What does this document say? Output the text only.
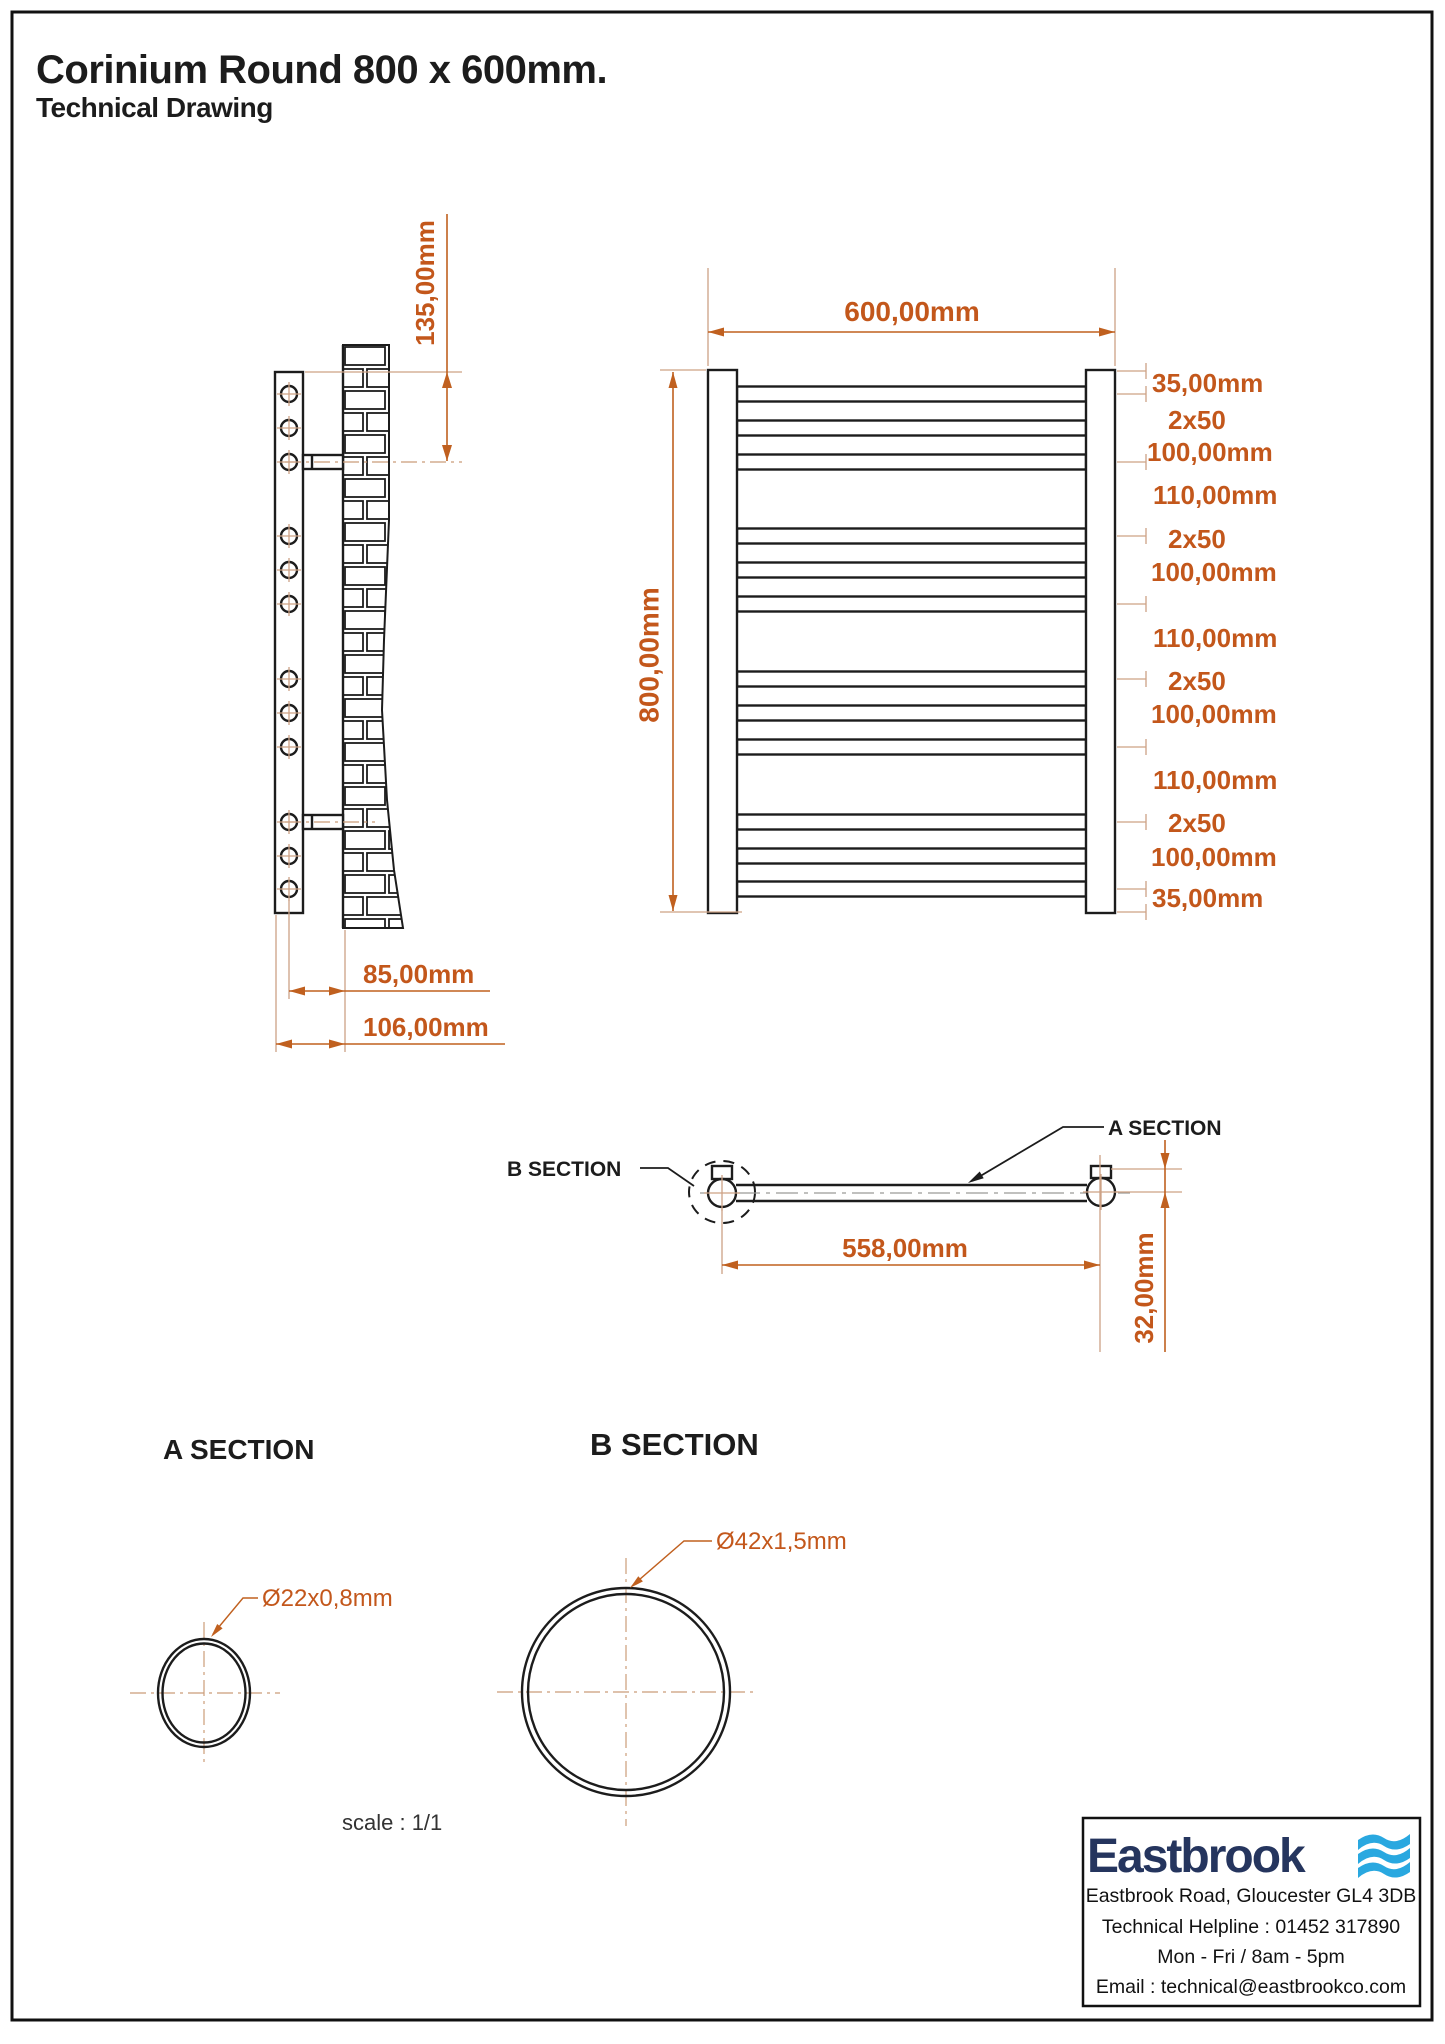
Corinium Round 800 x 600mm.
Technical Drawing
135,00mm
85,00mm
106,00mm
600,00mm
800,00mm
35,00mm
2x50
100,00mm
110,00mm
2x50
100,00mm
110,00mm
2x50
100,00mm
110,00mm
2x50
100,00mm
35,00mm
B SECTION
A SECTION
558,00mm	32,00mm
A SECTION
Ø22x0,8mm
B SECTION
Ø42x1,5mm
scale : 1/1
Eastbrook
Eastbrook Road, Gloucester GL4 3DB
Technical Helpline : 01452 317890
Mon - Fri / 8am - 5pm
Email : technical@eastbrookco.com
